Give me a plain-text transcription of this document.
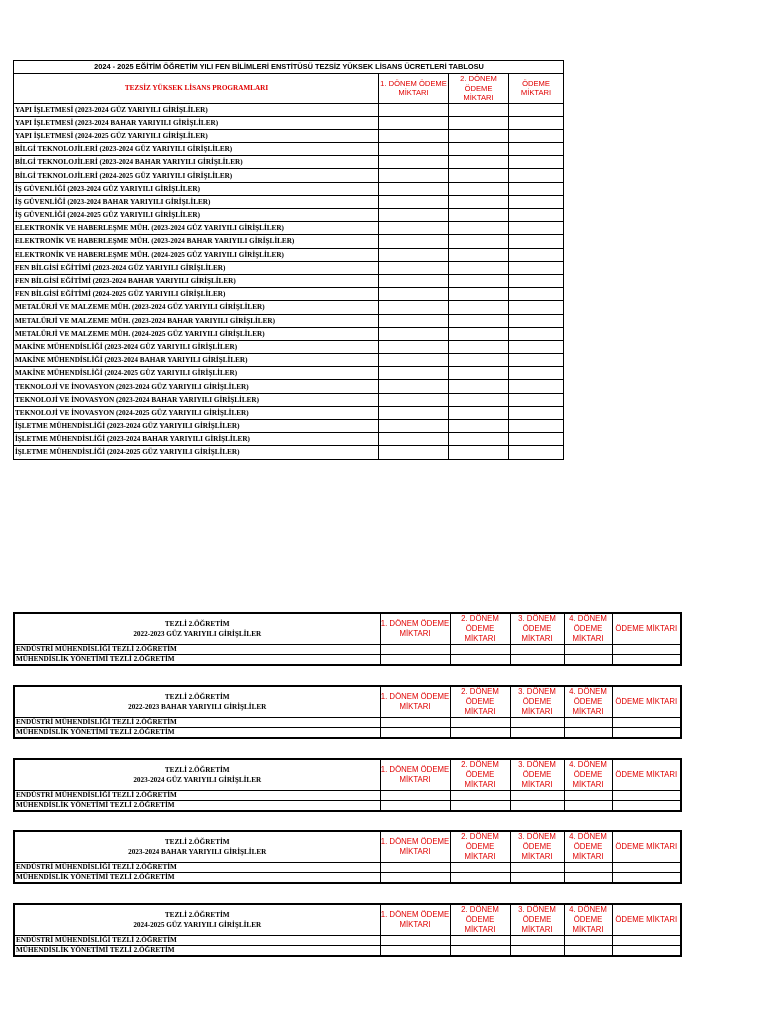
2024 - 2025 EĞİTİM ÖĞRETİM YILI FEN BİLİMLERİ ENSTİTÜSÜ TEZSİZ YÜKSEK LİSANS ÜCRETLERİ TABLOSU			
TEZSİZ YÜKSEK LİSANS PROGRAMLARI	1. DÖNEM ÖDEME MİKTARI	2. DÖNEM ÖDEME MİKTARI	ÖDEME MİKTARI
YAPI İŞLETMESİ (2023-2024 GÜZ YARIYILI GİRİŞLİLER)			
YAPI İŞLETMESİ (2023-2024 BAHAR YARIYILI GİRİŞLİLER)			
YAPI İŞLETMESİ (2024-2025 GÜZ YARIYILI GİRİŞLİLER)			
BİLGİ TEKNOLOJİLERİ (2023-2024 GÜZ YARIYILI GİRİŞLİLER)			
BİLGİ TEKNOLOJİLERİ (2023-2024 BAHAR YARIYILI GİRİŞLİLER)			
BİLGİ TEKNOLOJİLERİ (2024-2025 GÜZ YARIYILI GİRİŞLİLER)			
İŞ GÜVENLİĞİ (2023-2024 GÜZ YARIYILI GİRİŞLİLER)			
İŞ GÜVENLİĞİ (2023-2024 BAHAR YARIYILI GİRİŞLİLER)			
İŞ GÜVENLİĞİ (2024-2025 GÜZ YARIYILI GİRİŞLİLER)			
ELEKTRONİK VE HABERLEŞME MÜH. (2023-2024 GÜZ YARIYILI GİRİŞLİLER)			
ELEKTRONİK VE HABERLEŞME MÜH. (2023-2024 BAHAR YARIYILI GİRİŞLİLER)			
ELEKTRONİK VE HABERLEŞME MÜH. (2024-2025 GÜZ YARIYILI GİRİŞLİLER)			
FEN BİLGİSİ EĞİTİMİ (2023-2024 GÜZ YARIYILI GİRİŞLİLER)			
FEN BİLGİSİ EĞİTİMİ (2023-2024 BAHAR YARIYILI GİRİŞLİLER)			
FEN BİLGİSİ EĞİTİMİ (2024-2025 GÜZ YARIYILI GİRİŞLİLER)			
METALÜRJİ VE MALZEME MÜH. (2023-2024 GÜZ YARIYILI GİRİŞLİLER)			
METALÜRJİ VE MALZEME MÜH. (2023-2024 BAHAR YARIYILI GİRİŞLİLER)			
METALÜRJİ VE MALZEME MÜH. (2024-2025 GÜZ YARIYILI GİRİŞLİLER)			
MAKİNE MÜHENDİSLİĞİ (2023-2024 GÜZ YARIYILI GİRİŞLİLER)			
MAKİNE MÜHENDİSLİĞİ (2023-2024 BAHAR YARIYILI GİRİŞLİLER)			
MAKİNE MÜHENDİSLİĞİ (2024-2025 GÜZ YARIYILI GİRİŞLİLER)			
TEKNOLOJİ VE İNOVASYON (2023-2024 GÜZ YARIYILI GİRİŞLİLER)			
TEKNOLOJİ VE İNOVASYON (2023-2024 BAHAR YARIYILI GİRİŞLİLER)			
TEKNOLOJİ VE İNOVASYON (2024-2025 GÜZ YARIYILI GİRİŞLİLER)			
İŞLETME MÜHENDİSLİĞİ (2023-2024 GÜZ YARIYILI GİRİŞLİLER)			
İŞLETME MÜHENDİSLİĞİ (2023-2024 BAHAR YARIYILI GİRİŞLİLER)			
İŞLETME MÜHENDİSLİĞİ (2024-2025 GÜZ YARIYILI GİRİŞLİLER)			
TEZLİ 2.ÖĞRETİM
2022-2023 GÜZ YARIYILI GİRİŞLİLER	1. DÖNEM ÖDEME MİKTARI	2. DÖNEM ÖDEME MİKTARI	3. DÖNEM ÖDEME MİKTARI	4. DÖNEM ÖDEME MİKTARI	ÖDEME MİKTARI
ENDÜSTRİ MÜHENDİSLİĞİ TEZLİ 2.ÖĞRETİM					
MÜHENDİSLİK YÖNETİMİ TEZLİ 2.ÖĞRETİM					
TEZLİ 2.ÖĞRETİM
2022-2023 BAHAR YARIYILI GİRİŞLİLER	1. DÖNEM ÖDEME MİKTARI	2. DÖNEM ÖDEME MİKTARI	3. DÖNEM ÖDEME MİKTARI	4. DÖNEM ÖDEME MİKTARI	ÖDEME MİKTARI
ENDÜSTRİ MÜHENDİSLİĞİ TEZLİ 2.ÖĞRETİM					
MÜHENDİSLİK YÖNETİMİ TEZLİ 2.ÖĞRETİM					
TEZLİ 2.ÖĞRETİM
2023-2024 GÜZ YARIYILI GİRİŞLİLER	1. DÖNEM ÖDEME MİKTARI	2. DÖNEM ÖDEME MİKTARI	3. DÖNEM ÖDEME MİKTARI	4. DÖNEM ÖDEME MİKTARI	ÖDEME MİKTARI
ENDÜSTRİ MÜHENDİSLİĞİ TEZLİ 2.ÖĞRETİM					
MÜHENDİSLİK YÖNETİMİ TEZLİ 2.ÖĞRETİM					
TEZLİ 2.ÖĞRETİM
2023-2024 BAHAR YARIYILI GİRİŞLİLER	1. DÖNEM ÖDEME MİKTARI	2. DÖNEM ÖDEME MİKTARI	3. DÖNEM ÖDEME MİKTARI	4. DÖNEM ÖDEME MİKTARI	ÖDEME MİKTARI
ENDÜSTRİ MÜHENDİSLİĞİ TEZLİ 2.ÖĞRETİM					
MÜHENDİSLİK YÖNETİMİ TEZLİ 2.ÖĞRETİM					
TEZLİ 2.ÖĞRETİM
2024-2025 GÜZ YARIYILI GİRİŞLİLER	1. DÖNEM ÖDEME MİKTARI	2. DÖNEM ÖDEME MİKTARI	3. DÖNEM ÖDEME MİKTARI	4. DÖNEM ÖDEME MİKTARI	ÖDEME MİKTARI
ENDÜSTRİ MÜHENDİSLİĞİ TEZLİ 2.ÖĞRETİM					
MÜHENDİSLİK YÖNETİMİ TEZLİ 2.ÖĞRETİM					
